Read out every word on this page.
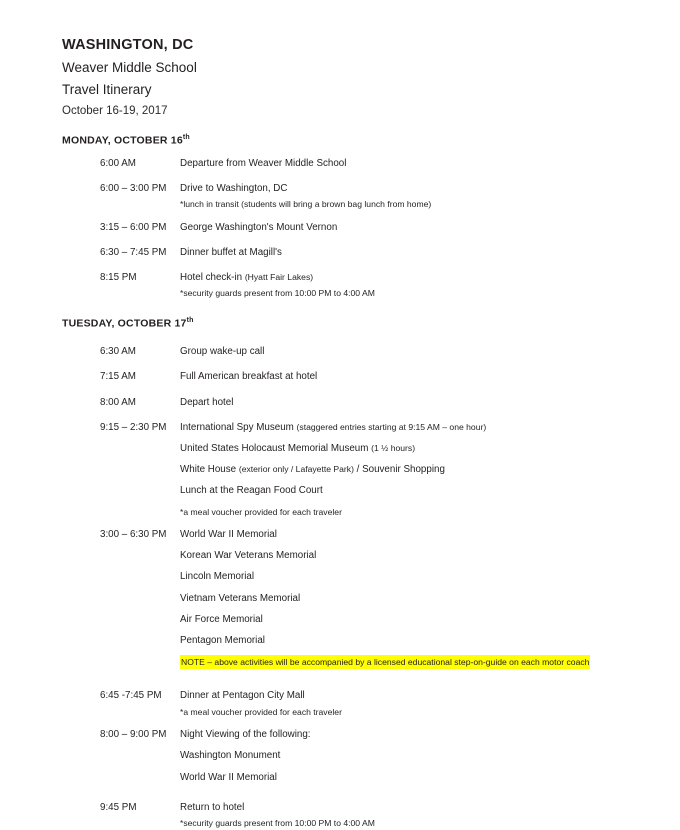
WASHINGTON, DC
Weaver Middle School
Travel Itinerary
October 16-19, 2017
MONDAY, OCTOBER 16th
6:00 AM	Departure from Weaver Middle School
6:00 – 3:00 PM	Drive to Washington, DC
*lunch in transit (students will bring a brown bag lunch from home)
3:15 – 6:00 PM	George Washington's Mount Vernon
6:30 – 7:45 PM	Dinner buffet at Magill's
8:15 PM	Hotel check-in (Hyatt Fair Lakes)
*security guards present from 10:00 PM to 4:00 AM
TUESDAY, OCTOBER 17th
6:30 AM	Group wake-up call
7:15 AM	Full American breakfast at hotel
8:00 AM	Depart hotel
9:15 – 2:30 PM	International Spy Museum (staggered entries starting at 9:15 AM – one hour)
United States Holocaust Memorial Museum (1 ½ hours)
White House (exterior only / Lafayette Park) / Souvenir Shopping
Lunch at the Reagan Food Court
*a meal voucher provided for each traveler
3:00 – 6:30 PM	World War II Memorial
Korean War Veterans Memorial
Lincoln Memorial
Vietnam Veterans Memorial
Air Force Memorial
Pentagon Memorial
NOTE – above activities will be accompanied by a licensed educational step-on-guide on each motor coach
6:45 -7:45 PM	Dinner at Pentagon City Mall
*a meal voucher provided for each traveler
8:00 – 9:00 PM	Night Viewing of the following:
Washington Monument
World War II Memorial
9:45 PM	Return to hotel
*security guards present from 10:00 PM to 4:00 AM
